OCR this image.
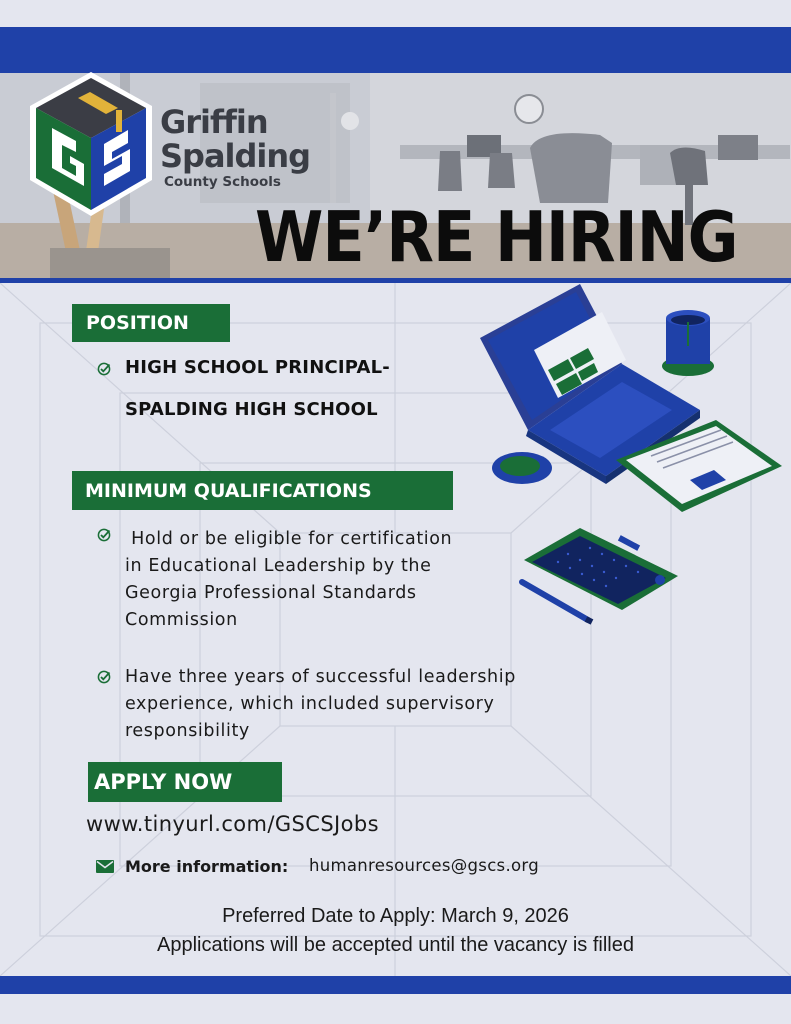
Griffin
Spalding
County Schools
WE’RE HIRING
POSITION
HIGH SCHOOL PRINCIPAL-
SPALDING HIGH SCHOOL
MINIMUM QUALIFICATIONS
Hold or be eligible for certification
in Educational Leadership by the
Georgia Professional Standards
Commission
Have three years of successful leadership
experience, which included supervisory
responsibility
APPLY NOW
www.tinyurl.com/GSCSJobs
More information: humanresources@gscs.org
Preferred Date to Apply: March 9, 2026
Applications will be accepted until the vacancy is filled
